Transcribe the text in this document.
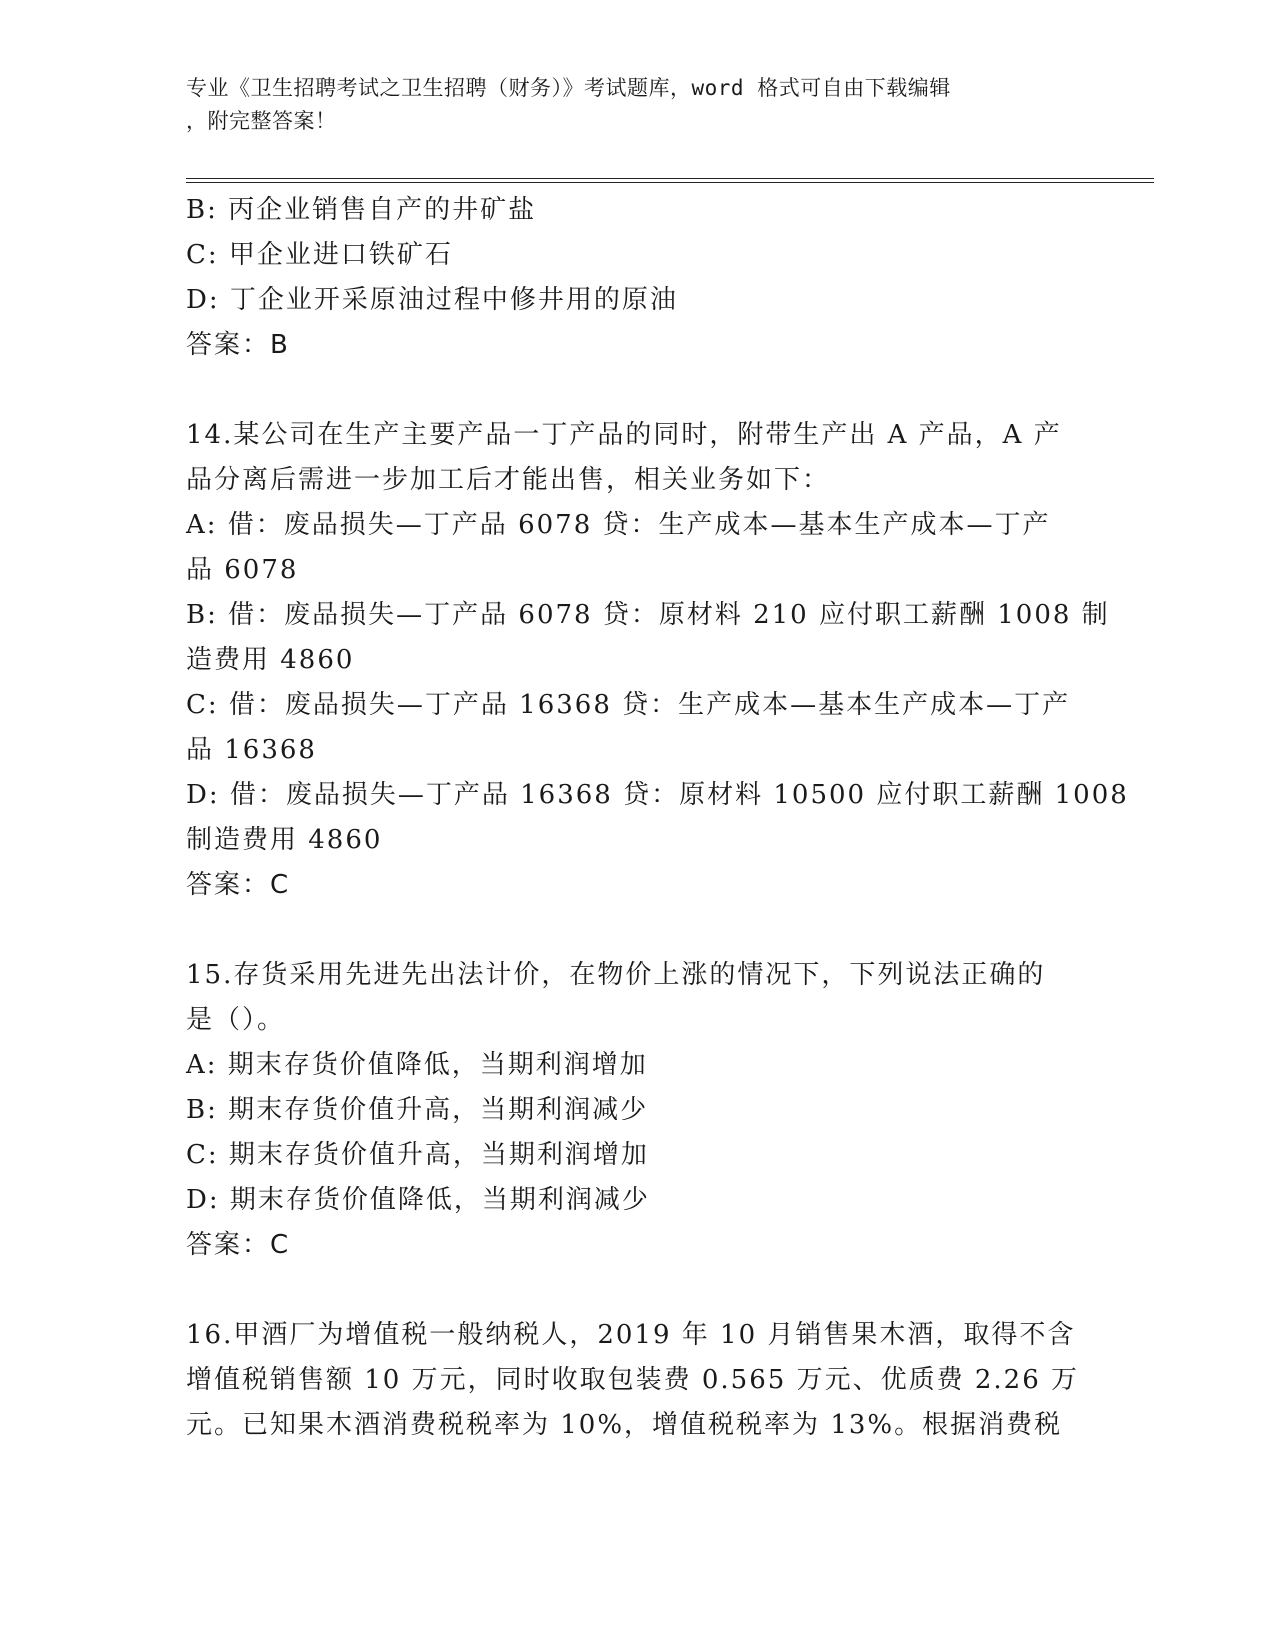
专业《卫生招聘考试之卫生招聘（财务）》考试题库，word 格式可自由下载编辑
，附完整答案！
B: 丙企业销售自产的井矿盐
C: 甲企业进口铁矿石
D: 丁企业开采原油过程中修井用的原油
答案：B
14.某公司在生产主要产品一丁产品的同时，附带生产出 A 产品，A 产
品分离后需进一步加工后才能出售，相关业务如下：
A: 借：废品损失—丁产品 6078 贷：生产成本—基本生产成本—丁产
品 6078
B: 借：废品损失—丁产品 6078 贷：原材料 210 应付职工薪酬 1008 制
造费用 4860
C: 借：废品损失—丁产品 16368 贷：生产成本—基本生产成本—丁产
品 16368
D: 借：废品损失—丁产品 16368 贷：原材料 10500 应付职工薪酬 1008
制造费用 4860
答案：C
15.存货采用先进先出法计价，在物价上涨的情况下，下列说法正确的
是（）。
A: 期末存货价值降低，当期利润增加
B: 期末存货价值升高，当期利润减少
C: 期末存货价值升高，当期利润增加
D: 期末存货价值降低，当期利润减少
答案：C
16.甲酒厂为增值税一般纳税人，2019 年 10 月销售果木酒，取得不含
增值税销售额 10 万元，同时收取包装费 0.565 万元、优质费 2.26 万
元。已知果木酒消费税税率为 10%，增值税税率为 13%。根据消费税
